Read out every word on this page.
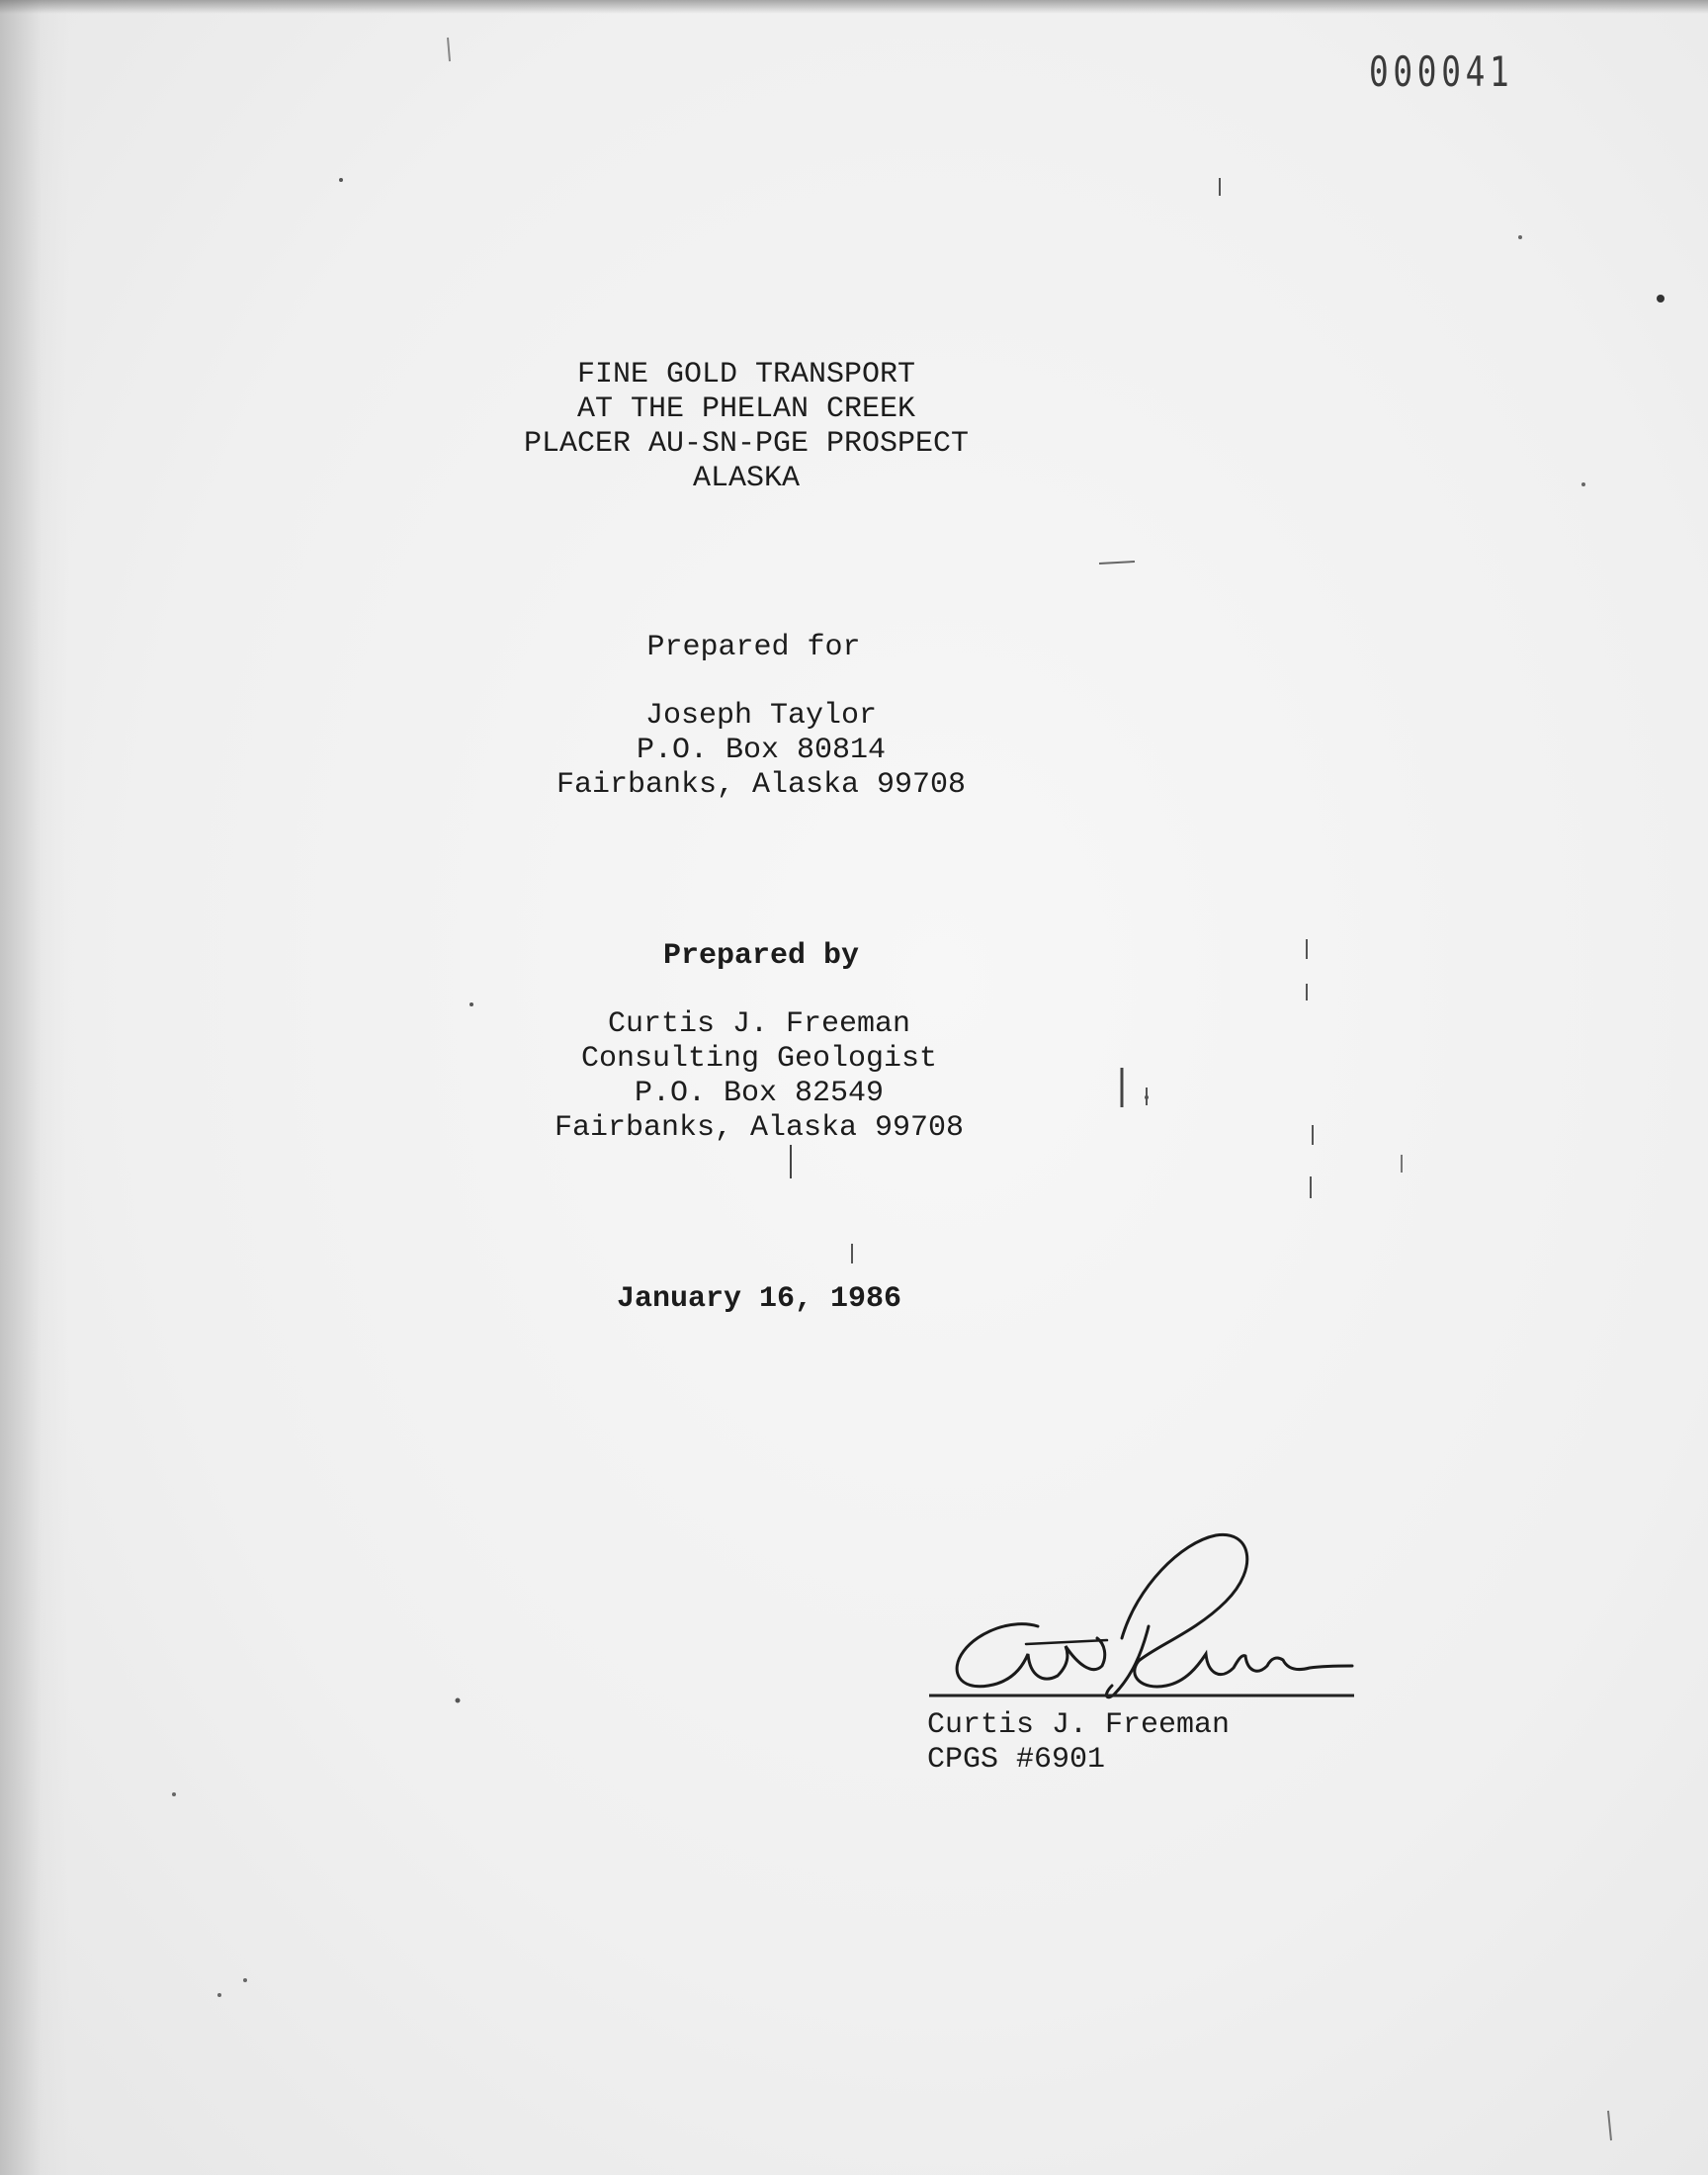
000041
FINE GOLD TRANSPORT
AT THE PHELAN CREEK
PLACER AU-SN-PGE PROSPECT
ALASKA
Prepared for
Joseph Taylor
P.O. Box 80814
Fairbanks, Alaska 99708
Prepared by
Curtis J. Freeman
Consulting Geologist
P.O. Box 82549
Fairbanks, Alaska 99708
January 16, 1986
Curtis J. Freeman
CPGS #6901
